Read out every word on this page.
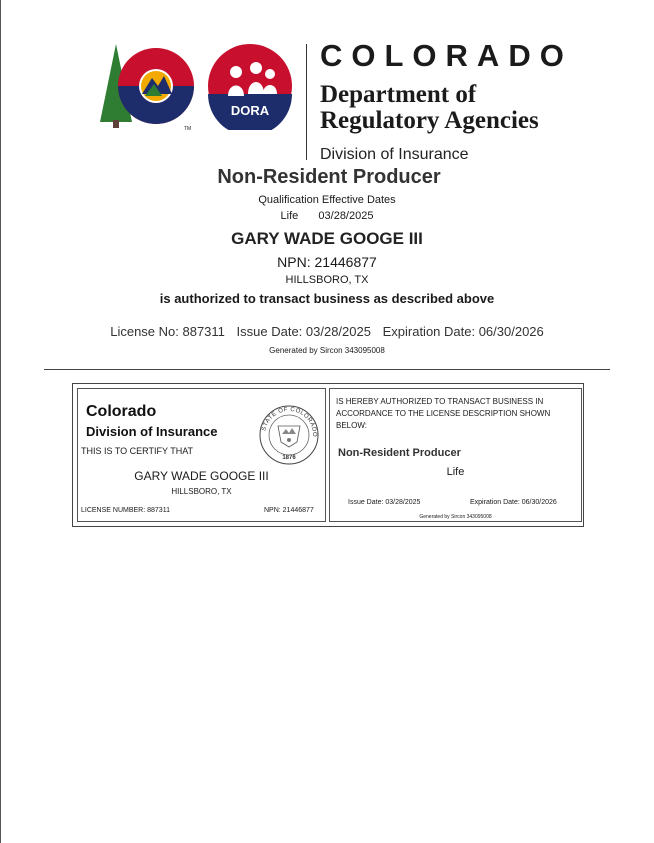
TM
DORA
COLORADO
Department of
Regulatory Agencies
Division of Insurance
Non-Resident Producer
Qualification Effective Dates
Life 03/28/2025
GARY WADE GOOGE III
NPN: 21446877
HILLSBORO, TX
is authorized to transact business as described above
License No: 887311 Issue Date: 03/28/2025 Expiration Date: 06/30/2026
Generated by Sircon 343095008
Colorado
Division of Insurance
THIS IS TO CERTIFY THAT
GARY WADE GOOGE III
HILLSBORO, TX
LICENSE NUMBER: 887311	NPN: 21446877
STATE OF COLORADO
1876
IS HEREBY AUTHORIZED TO TRANSACT BUSINESS IN ACCORDANCE TO THE LICENSE DESCRIPTION SHOWN BELOW:
Non-Resident Producer
Life
Issue Date: 03/28/2025	Expiration Date: 06/30/2026
Generated by Sircon 343095008
